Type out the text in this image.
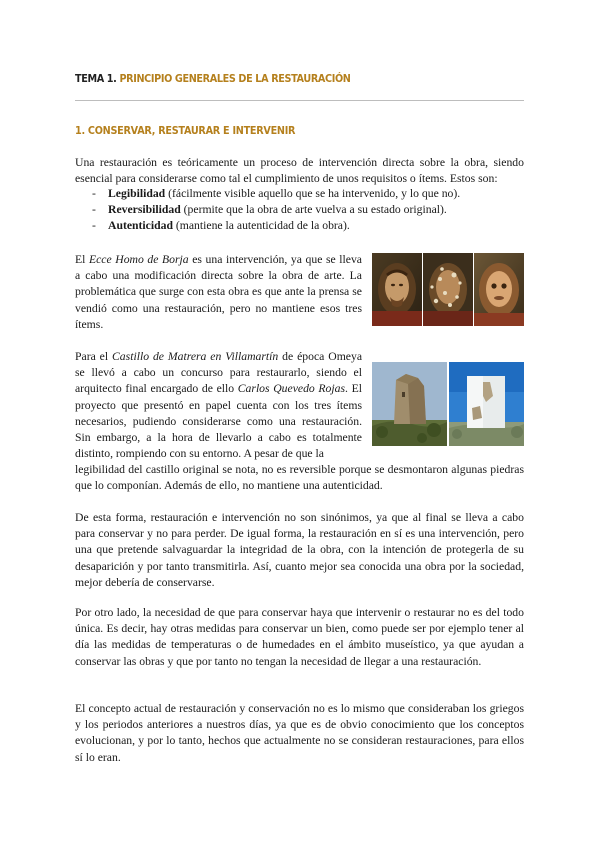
TEMA 1. PRINCIPIO GENERALES DE LA RESTAURACIÓN
1. CONSERVAR, RESTAURAR E INTERVENIR

Una restauración es teóricamente un proceso de intervención directa sobre la obra, siendo esencial para considerarse como tal el cumplimiento de unos requisitos o ítems. Estos son:

- Legibilidad (fácilmente visible aquello que se ha intervenido, y lo que no).
- Reversibilidad (permite que la obra de arte vuelva a su estado original).
- Autenticidad (mantiene la autenticidad de la obra).

El Ecce Homo de Borja es una intervención, ya que se lleva a cabo una modificación directa sobre la obra de arte. La problemática que surge con esta obra es que ante la prensa se vendió como una restauración, pero no mantiene esos tres ítems.

Para el Castillo de Matrera en Villamartín de época Omeya se llevó a cabo un concurso para restaurarlo, siendo el arquitecto final encargado de ello Carlos Quevedo Rojas. El proyecto que presentó en papel cuenta con los tres ítems necesarios, pudiendo considerarse como una restauración. Sin embargo, a la hora de llevarlo a cabo es totalmente distinto, rompiendo con su entorno. A pesar de que la

legibilidad del castillo original se nota, no es reversible porque se desmontaron algunas piedras que lo componían. Además de ello, no mantiene una autenticidad.

De esta forma, restauración e intervención no son sinónimos, ya que al final se lleva a cabo para conservar y no para perder. De igual forma, la restauración en sí es una intervención, pero una que pretende salvaguardar la integridad de la obra, con la intención de protegerla de su desaparición y por tanto transmitirla. Así, cuanto mejor sea conocida una obra por la sociedad, mejor debería de conservarse.

Por otro lado, la necesidad de que para conservar haya que intervenir o restaurar no es del todo única. Es decir, hay otras medidas para conservar un bien, como puede ser por ejemplo tener al día las medidas de temperaturas o de humedades en el ámbito museístico, ya que ayudan a conservar las obras y que por tanto no tengan la necesidad de llegar a una restauración.

El concepto actual de restauración y conservación no es lo mismo que consideraban los griegos y los periodos anteriores a nuestros días, ya que es de obvio conocimiento que los conceptos evolucionan, y por lo tanto, hechos que actualmente no se consideran restauraciones, para ellos sí lo eran.
